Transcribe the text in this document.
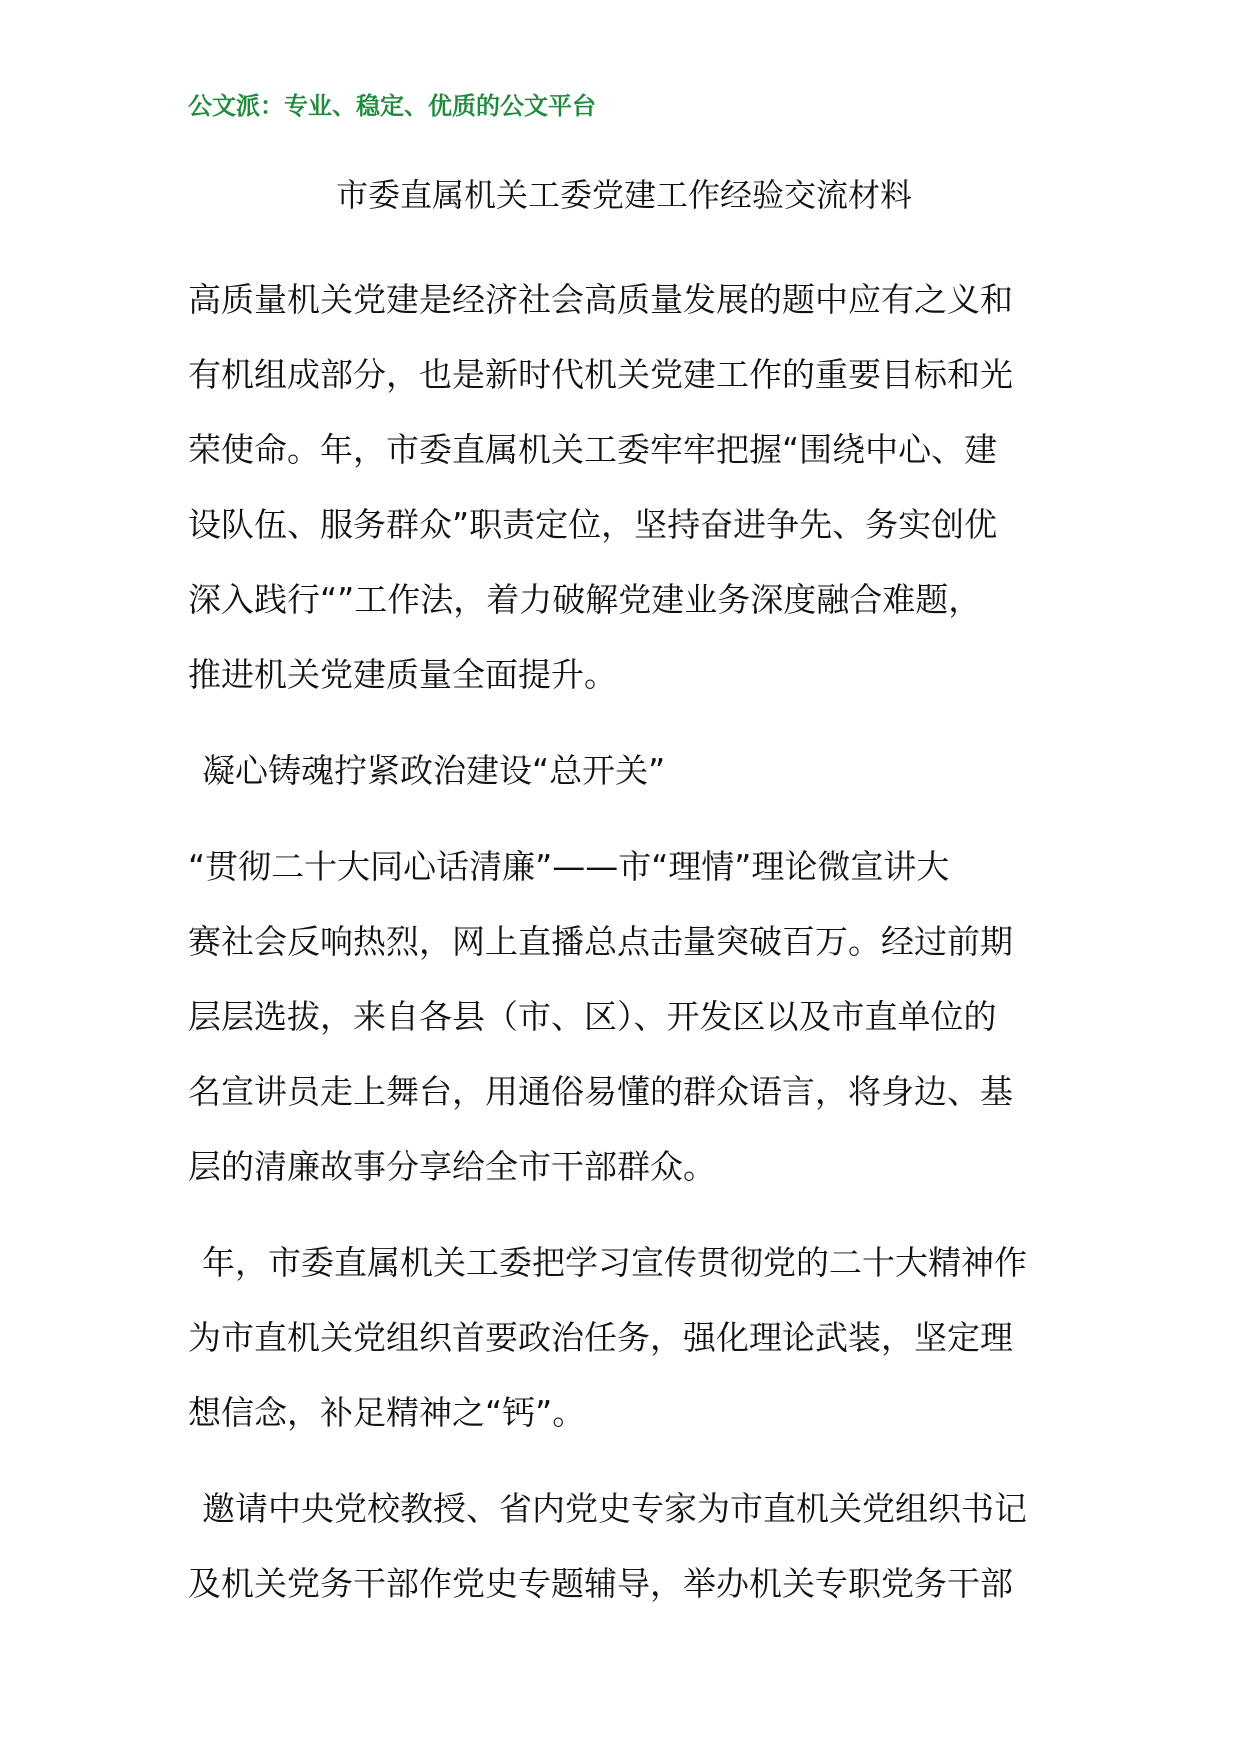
公文派：专业、稳定、优质的公文平台
市委直属机关工委党建工作经验交流材料
高质量机关党建是经济社会高质量发展的题中应有之义和
有机组成部分，也是新时代机关党建工作的重要目标和光
荣使命。年，市委直属机关工委牢牢把握“围绕中心、建
设队伍、服务群众”职责定位，坚持奋进争先、务实创优
深入践行“”工作法，着力破解党建业务深度融合难题，
推进机关党建质量全面提升。
凝心铸魂拧紧政治建设“总开关”
“贯彻二十大同心话清廉”——市“理情”理论微宣讲大
赛社会反响热烈，网上直播总点击量突破百万。经过前期
层层选拔，来自各县（市、区）、开发区以及市直单位的
名宣讲员走上舞台，用通俗易懂的群众语言，将身边、基
层的清廉故事分享给全市干部群众。
年，市委直属机关工委把学习宣传贯彻党的二十大精神作
为市直机关党组织首要政治任务，强化理论武装，坚定理
想信念，补足精神之“钙”。
邀请中央党校教授、省内党史专家为市直机关党组织书记
及机关党务干部作党史专题辅导，举办机关专职党务干部
